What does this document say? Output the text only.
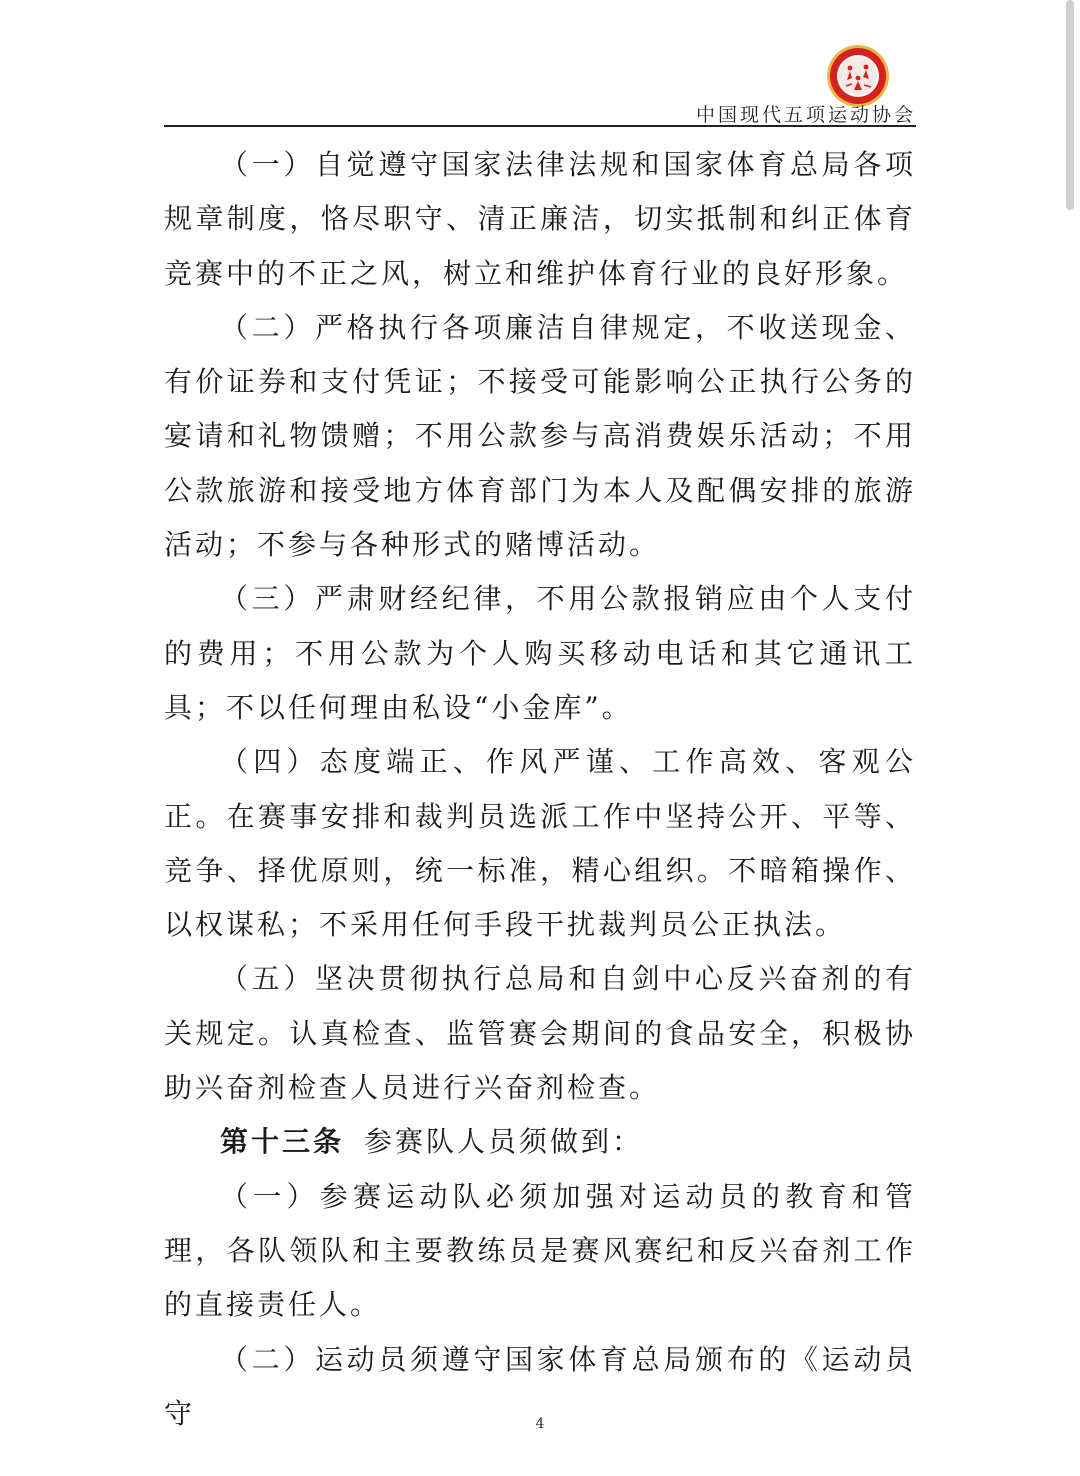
中国现代五项运动协会

（一）自觉遵守国家法律法规和国家体育总局各项规章制度，恪尽职守、清正廉洁，切实抵制和纠正体育竞赛中的不正之风，树立和维护体育行业的良好形象。

（二）严格执行各项廉洁自律规定，不收送现金、有价证券和支付凭证；不接受可能影响公正执行公务的宴请和礼物馈赠；不用公款参与高消费娱乐活动；不用公款旅游和接受地方体育部门为本人及配偶安排的旅游活动；不参与各种形式的赌博活动。

（三）严肃财经纪律，不用公款报销应由个人支付的费用；不用公款为个人购买移动电话和其它通讯工具；不以任何理由私设“小金库”。

（四）态度端正、作风严谨、工作高效、客观公正。在赛事安排和裁判员选派工作中坚持公开、平等、竞争、择优原则，统一标准，精心组织。不暗箱操作、以权谋私；不采用任何手段干扰裁判员公正执法。

（五）坚决贯彻执行总局和自剑中心反兴奋剂的有关规定。认真检查、监管赛会期间的食品安全，积极协助兴奋剂检查人员进行兴奋剂检查。

第十三条 参赛队人员须做到：

（一）参赛运动队必须加强对运动员的教育和管理，各队领队和主要教练员是赛风赛纪和反兴奋剂工作的直接责任人。

（二）运动员须遵守国家体育总局颁布的《运动员守	4
